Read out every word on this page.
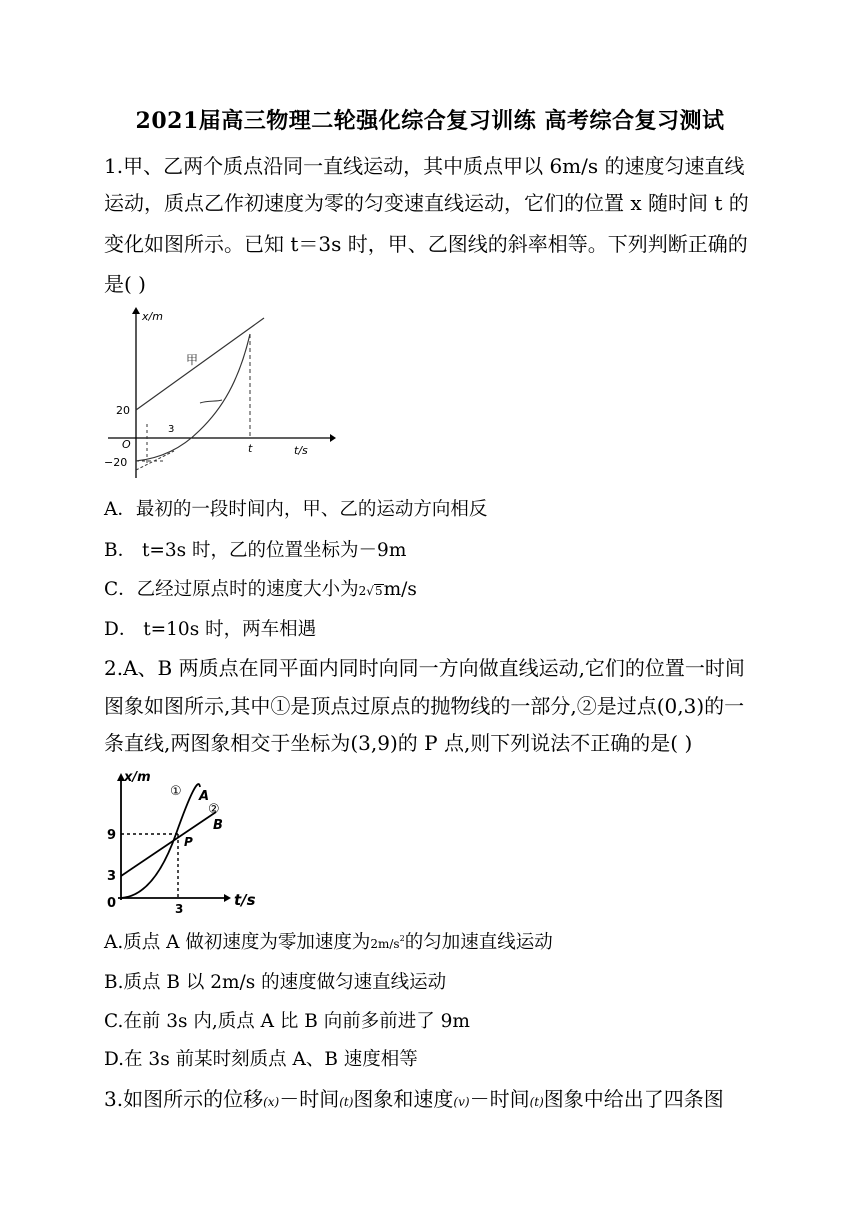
2021届高三物理二轮强化综合复习训练 高考综合复习测试
1.甲、乙两个质点沿同一直线运动，其中质点甲以 6m/s 的速度匀速直线
运动，质点乙作初速度为零的匀变速直线运动，它们的位置 x 随时间 t 的
变化如图所示。已知 t＝3s 时，甲、乙图线的斜率相等。下列判断正确的
是( )
x/m
t/s
O
20
−20
3
t
甲
A．最初的一段时间内，甲、乙的运动方向相反
B． t=3s 时，乙的位置坐标为－9m
C．乙经过原点时的速度大小为2√5m/s
D． t=10s 时，两车相遇
2.A、B 两质点在同平面内同时向同一方向做直线运动,它们的位置一时间
图象如图所示,其中①是顶点过原点的抛物线的一部分,②是过点(0,3)的一
条直线,两图象相交于坐标为(3,9)的 P 点,则下列说法不正确的是( )
x/m
t/s
9
3
0	3
①
②
A
B
P
A.质点 A 做初速度为零加速度为$2m/s^2$的匀加速直线运动
B.质点 B 以 2m/s 的速度做匀速直线运动
C.在前 3s 内,质点 A 比 B 向前多前进了 9m
D.在 3s 前某时刻质点 A、B 速度相等
3.如图所示的位移(x)－时间(t)图象和速度(v)－时间(t)图象中给出了四条图
